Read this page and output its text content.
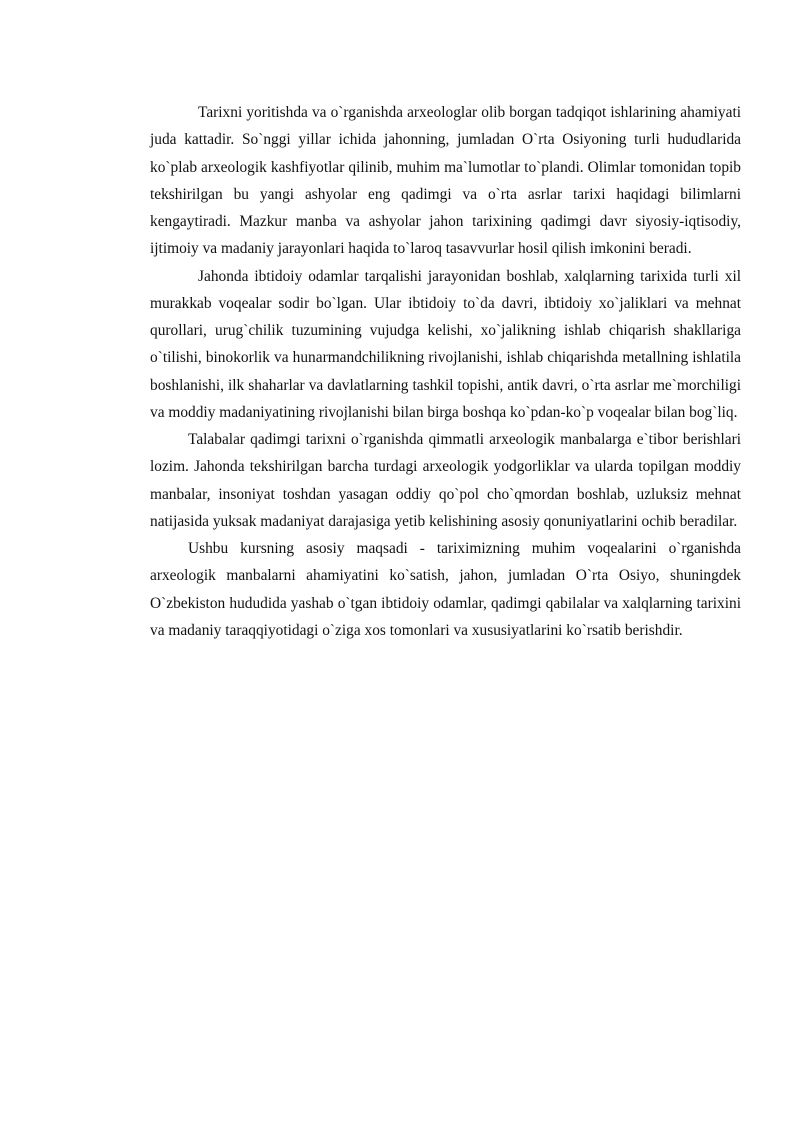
Tarixni yoritishda va o`rganishda arxeologlar olib borgan tadqiqot ishlarining ahamiyati juda kattadir. So`nggi yillar ichida jahonning, jumladan O`rta Osiyoning turli hududlarida ko`plab arxeologik kashfiyotlar qilinib, muhim ma`lumotlar to`plandi. Olimlar tomonidan topib tekshirilgan bu yangi ashyolar eng qadimgi va o`rta asrlar tarixi haqidagi bilimlarni kengaytiradi. Mazkur manba va ashyolar jahon tarixining qadimgi davr siyosiy-iqtisodiy, ijtimoiy va madaniy jarayonlari haqida to`laroq tasavvurlar hosil qilish imkonini beradi.

Jahonda ibtidoiy odamlar tarqalishi jarayonidan boshlab, xalqlarning tarixida turli xil murakkab voqealar sodir bo`lgan. Ular ibtidoiy to`da davri, ibtidoiy xo`jaliklari va mehnat qurollari, urug`chilik tuzumining vujudga kelishi, xo`jalikning ishlab chiqarish shakllariga o`tilishi, binokorlik va hunarmandchilikning rivojlanishi, ishlab chiqarishda metallning ishlatila boshlanishi, ilk shaharlar va davlatlarning tashkil topishi, antik davri, o`rta asrlar me`morchiligi va moddiy madaniyatining rivojlanishi bilan birga boshqa ko`pdan-ko`p voqealar bilan bog`liq.

Talabalar qadimgi tarixni o`rganishda qimmatli arxeologik manbalarga e`tibor berishlari lozim. Jahonda tekshirilgan barcha turdagi arxeologik yodgorliklar va ularda topilgan moddiy manbalar, insoniyat toshdan yasagan oddiy qo`pol cho`qmordan boshlab, uzluksiz mehnat natijasida yuksak madaniyat darajasiga yetib kelishining asosiy qonuniyatlarini ochib beradilar.

Ushbu kursning asosiy maqsadi - tariximizning muhim voqealarini o`rganishda arxeologik manbalarni ahamiyatini ko`satish, jahon, jumladan O`rta Osiyo, shuningdek O`zbekiston hududida yashab o`tgan ibtidoiy odamlar, qadimgi qabilalar va xalqlarning tarixini va madaniy taraqqiyotidagi o`ziga xos tomonlari va xususiyatlarini ko`rsatib berishdir.
